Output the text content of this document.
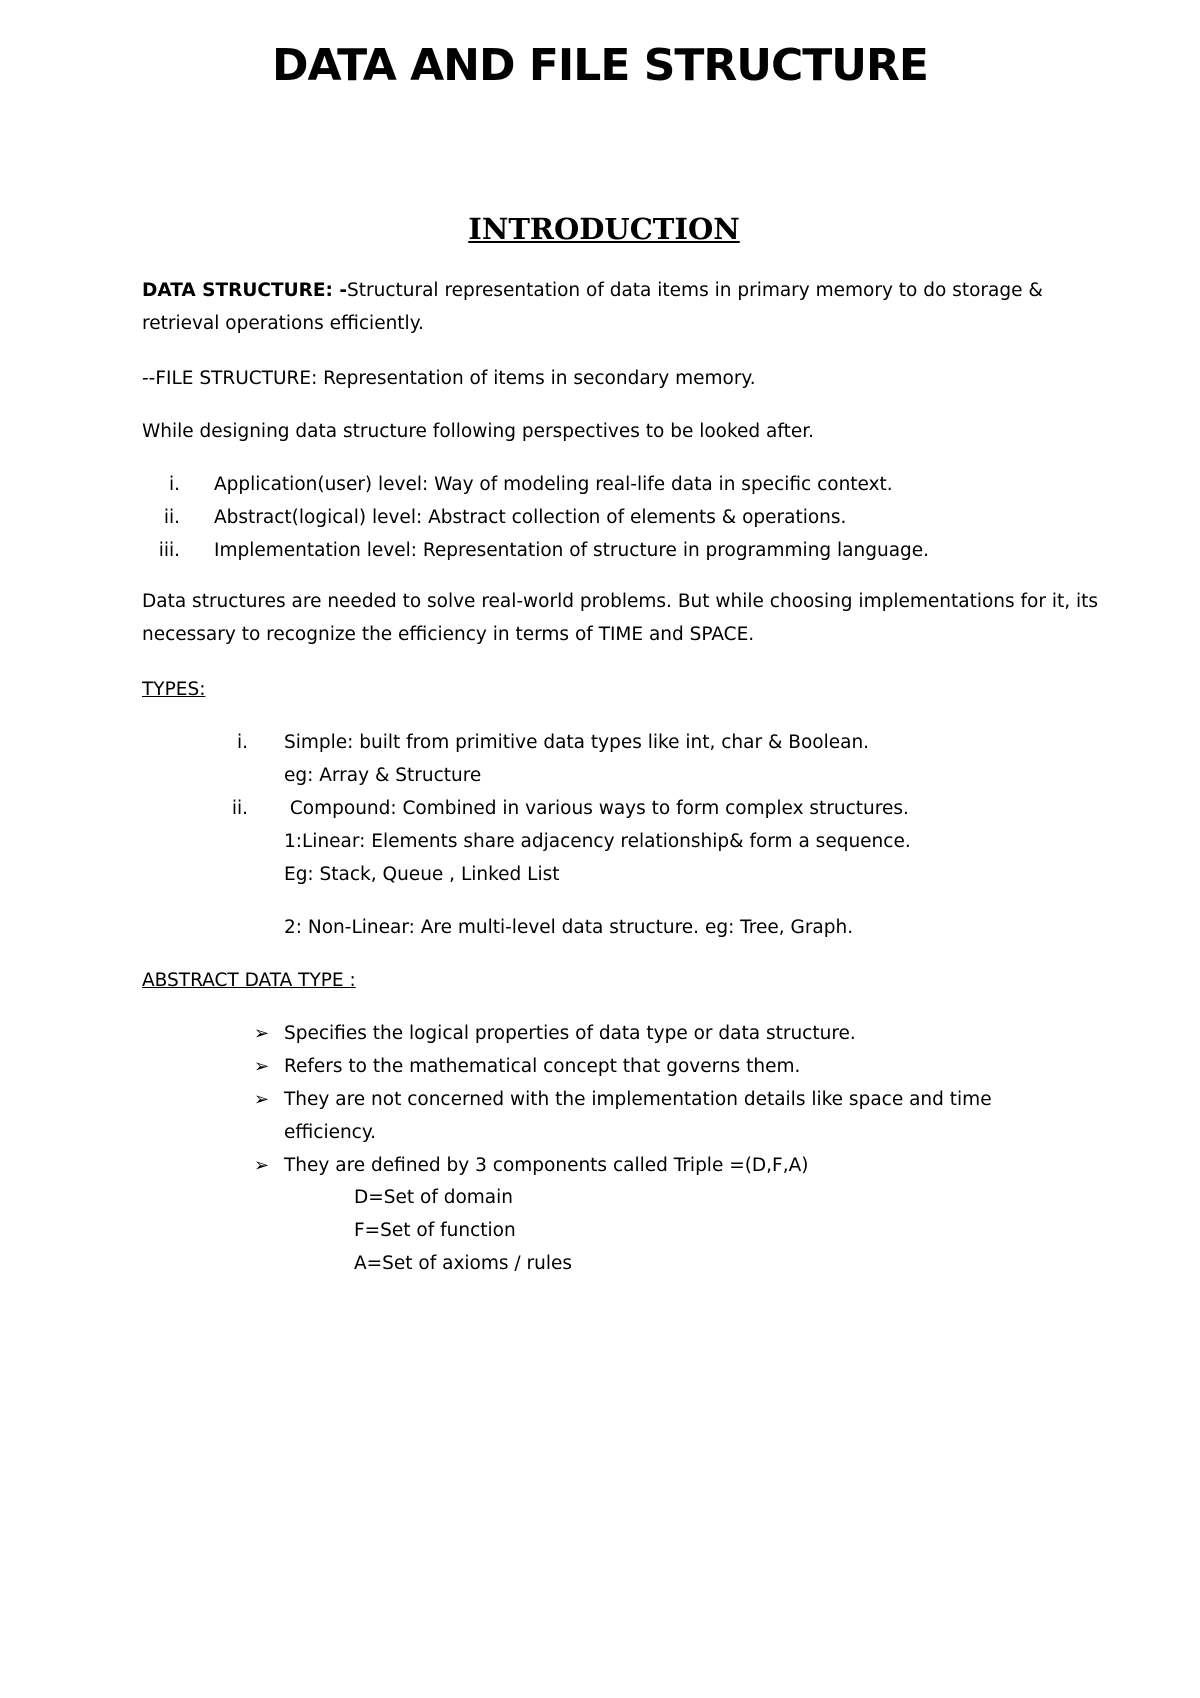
DATA AND FILE STRUCTURE
INTRODUCTION

DATA STRUCTURE: -Structural representation of data items in primary memory to do storage & retrieval operations efficiently.

--FILE STRUCTURE: Representation of items in secondary memory.

While designing data structure following perspectives to be looked after.

i. Application(user) level: Way of modeling real-life data in specific context.
ii. Abstract(logical) level: Abstract collection of elements & operations.
iii. Implementation level: Representation of structure in programming language.

Data structures are needed to solve real-world problems. But while choosing implementations for it, its necessary to recognize the efficiency in terms of TIME and SPACE.

TYPES:

i. Simple: built from primitive data types like int, char & Boolean.
eg: Array & Structure
ii. Compound: Combined in various ways to form complex structures.
1:Linear: Elements share adjacency relationship& form a sequence.
Eg: Stack, Queue , Linked List
2: Non-Linear: Are multi-level data structure. eg: Tree, Graph.

ABSTRACT DATA TYPE :

➢ Specifies the logical properties of data type or data structure.
➢ Refers to the mathematical concept that governs them.
➢ They are not concerned with the implementation details like space and time efficiency.
➢ They are defined by 3 components called Triple =(D,F,A)
D=Set of domain
F=Set of function
A=Set of axioms / rules
